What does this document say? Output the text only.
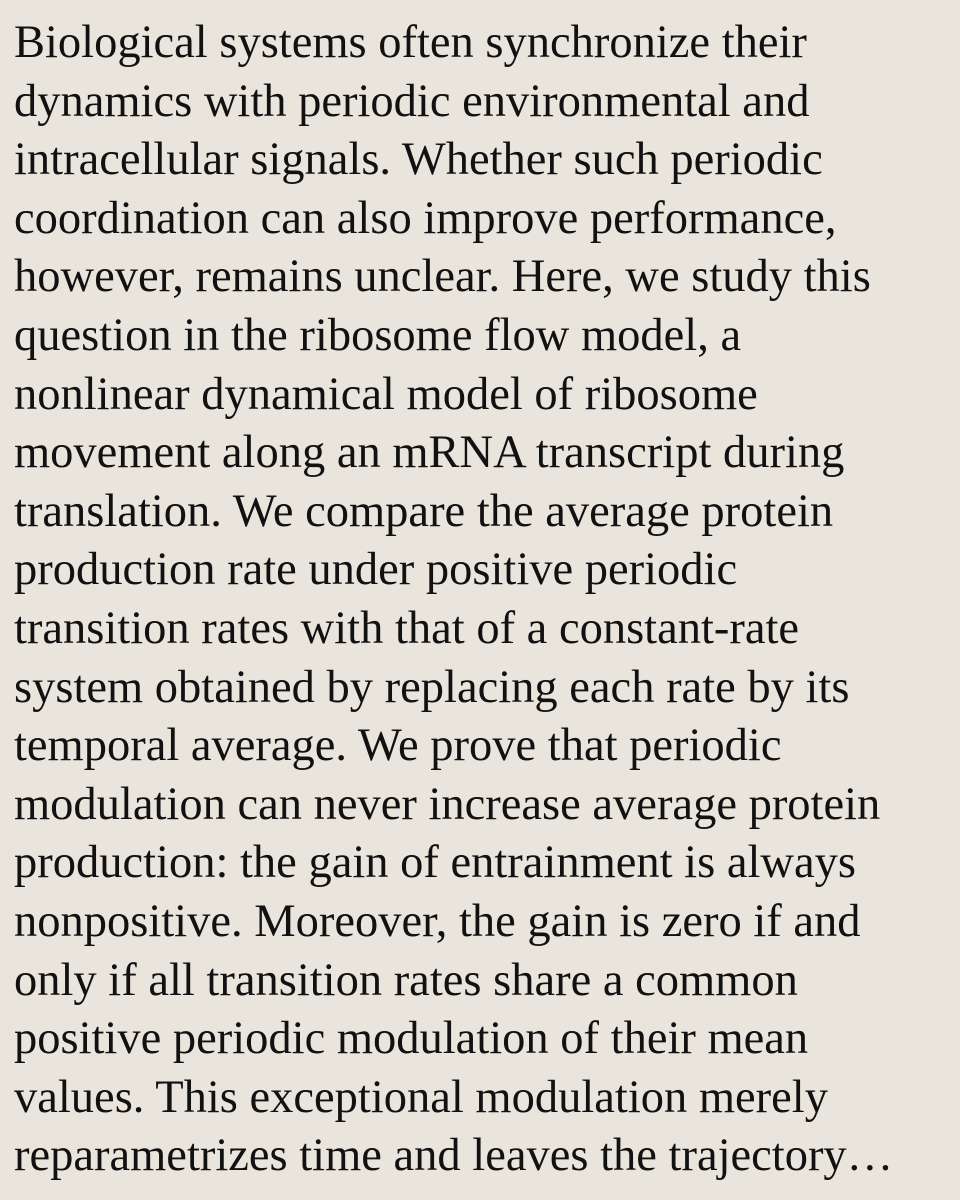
Biological systems often synchronize their
dynamics with periodic environmental and
intracellular signals. Whether such periodic
coordination can also improve performance,
however, remains unclear. Here, we study this
question in the ribosome flow model, a
nonlinear dynamical model of ribosome
movement along an mRNA transcript during
translation. We compare the average protein
production rate under positive periodic
transition rates with that of a constant-rate
system obtained by replacing each rate by its
temporal average. We prove that periodic
modulation can never increase average protein
production: the gain of entrainment is always
nonpositive. Moreover, the gain is zero if and
only if all transition rates share a common
positive periodic modulation of their mean
values. This exceptional modulation merely
reparametrizes time and leaves the trajectory…
